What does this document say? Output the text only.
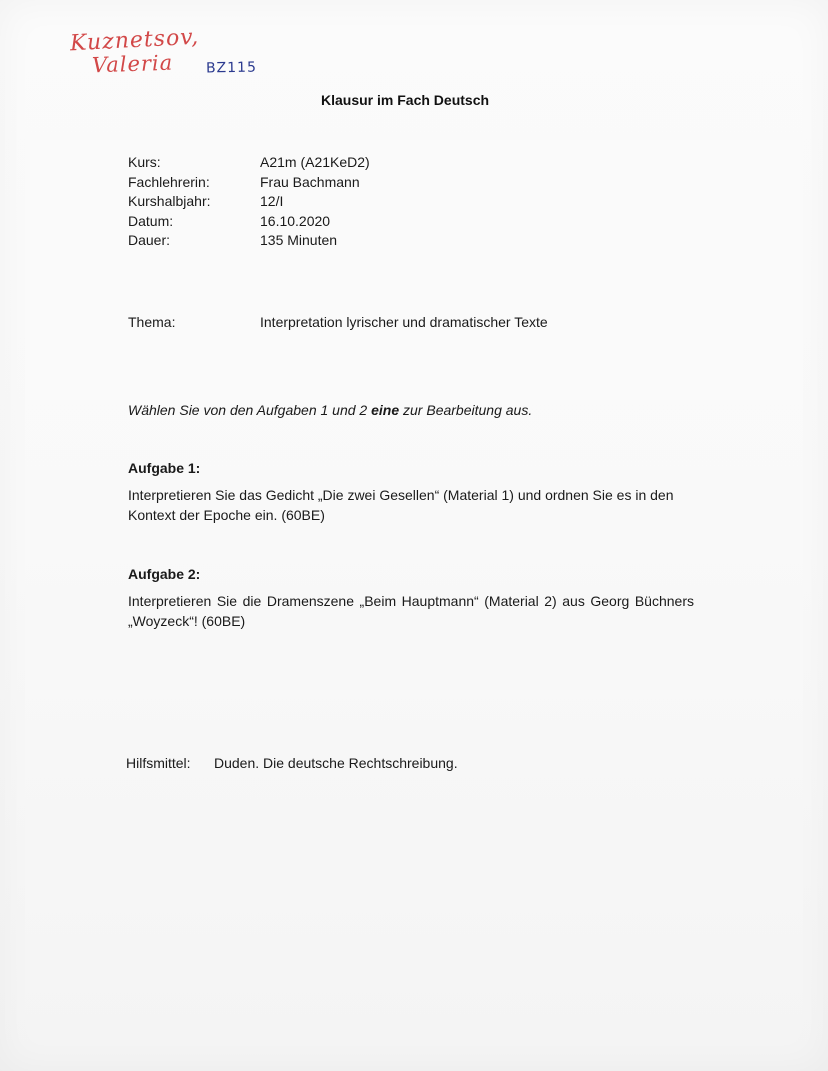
Kuznetsov,
Valeria BZ115
Klausur im Fach Deutsch
Kurs:	A21m (A21KeD2)
Fachlehrerin:	Frau Bachmann
Kurshalbjahr:	12/I
Datum:	16.10.2020
Dauer:	135 Minuten
Thema:	Interpretation lyrischer und dramatischer Texte
Wählen Sie von den Aufgaben 1 und 2 eine zur Bearbeitung aus.
Aufgabe 1:
Interpretieren Sie das Gedicht „Die zwei Gesellen“ (Material 1) und ordnen Sie es in den Kontext der Epoche ein. (60BE)
Aufgabe 2:
Interpretieren Sie die Dramenszene „Beim Hauptmann“ (Material 2) aus Georg Büchners „Woyzeck“! (60BE)
Hilfsmittel:	Duden. Die deutsche Rechtschreibung.
